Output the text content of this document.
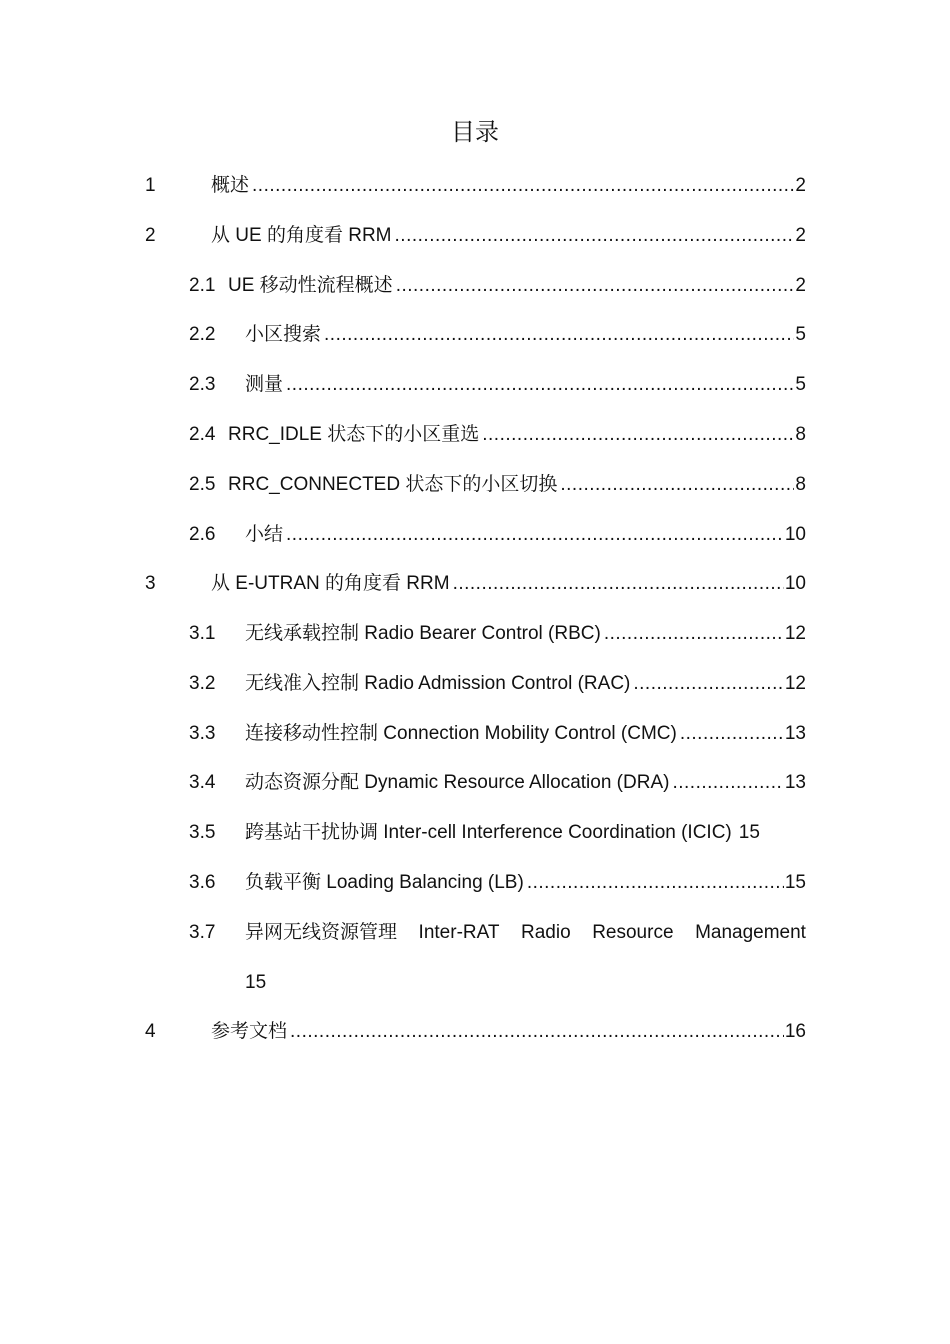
目录
1	概述 .....	2
2	从 UE 的角度看 RRM .....	2
2.1 UE 移动性流程概述 .....	2
2.2 小区搜索 .....	5
2.3 测量 .....	5
2.4 RRC_IDLE 状态下的小区重选 .....	8
2.5 RRC_CONNECTED 状态下的小区切换 .....	8
2.6 小结 .....	10
3	从 E-UTRAN 的角度看 RRM .....	10
3.1 无线承载控制 Radio Bearer Control (RBC) .....	12
3.2 无线准入控制 Radio Admission Control (RAC) .....	12
3.3 连接移动性控制 Connection Mobility Control (CMC) .....	13
3.4 动态资源分配 Dynamic Resource Allocation (DRA) .....	13
3.5 跨基站干扰协调 Inter-cell Interference Coordination (ICIC) 15
3.6 负载平衡 Loading Balancing (LB) .....	15
3.7 异网无线资源管理 Inter-RAT Radio Resource Management
15
4	参考文档 .....	16
